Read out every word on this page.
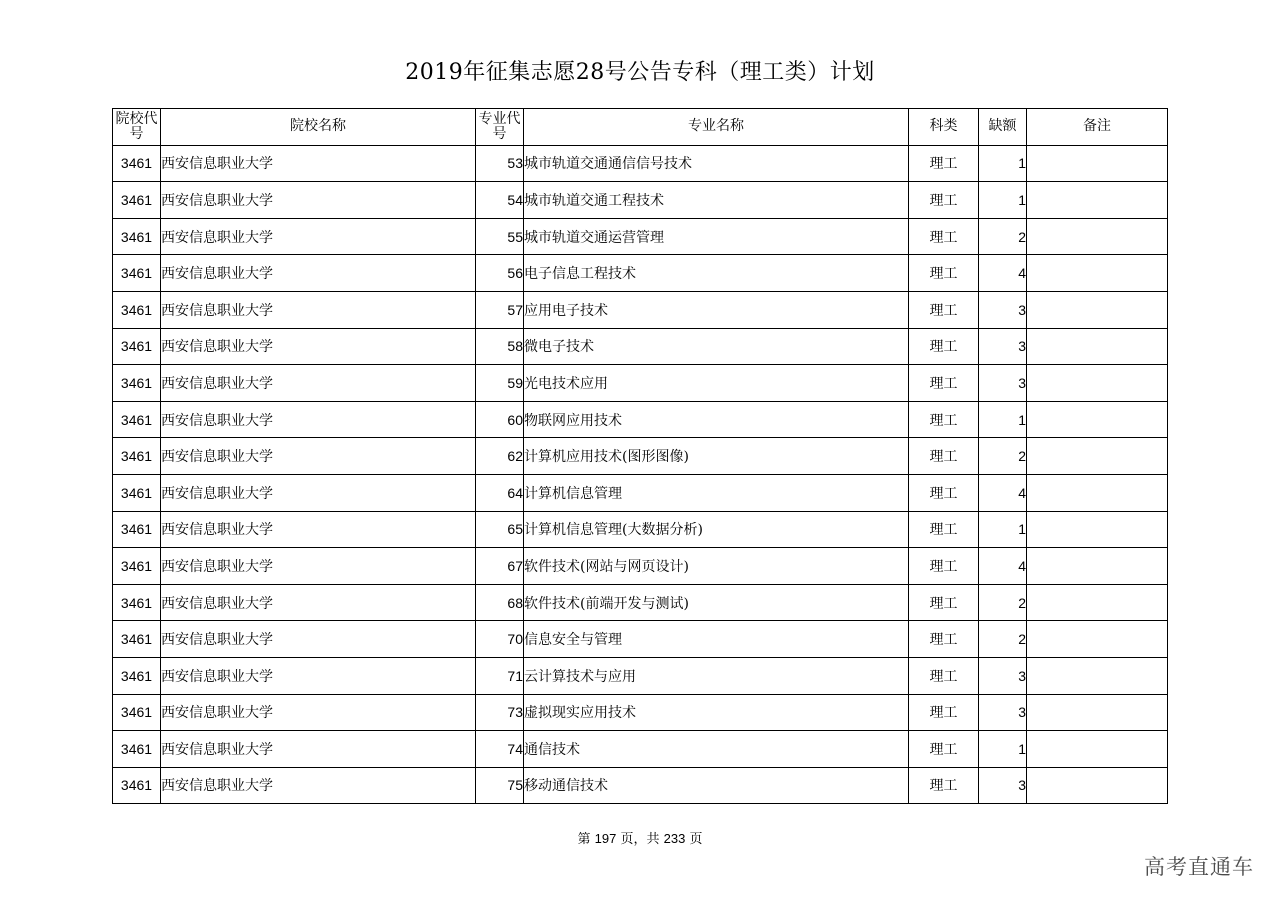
2019年征集志愿28号公告专科（理工类）计划
院校代号	院校名称	专业代号	专业名称	科类	缺额	备注
3461	西安信息职业大学	53	城市轨道交通通信信号技术	理工	1	
3461	西安信息职业大学	54	城市轨道交通工程技术	理工	1	
3461	西安信息职业大学	55	城市轨道交通运营管理	理工	2	
3461	西安信息职业大学	56	电子信息工程技术	理工	4	
3461	西安信息职业大学	57	应用电子技术	理工	3	
3461	西安信息职业大学	58	微电子技术	理工	3	
3461	西安信息职业大学	59	光电技术应用	理工	3	
3461	西安信息职业大学	60	物联网应用技术	理工	1	
3461	西安信息职业大学	62	计算机应用技术(图形图像)	理工	2	
3461	西安信息职业大学	64	计算机信息管理	理工	4	
3461	西安信息职业大学	65	计算机信息管理(大数据分析)	理工	1	
3461	西安信息职业大学	67	软件技术(网站与网页设计)	理工	4	
3461	西安信息职业大学	68	软件技术(前端开发与测试)	理工	2	
3461	西安信息职业大学	70	信息安全与管理	理工	2	
3461	西安信息职业大学	71	云计算技术与应用	理工	3	
3461	西安信息职业大学	73	虚拟现实应用技术	理工	3	
3461	西安信息职业大学	74	通信技术	理工	1	
3461	西安信息职业大学	75	移动通信技术	理工	3	
第 197 页，共 233 页
高考直通车
